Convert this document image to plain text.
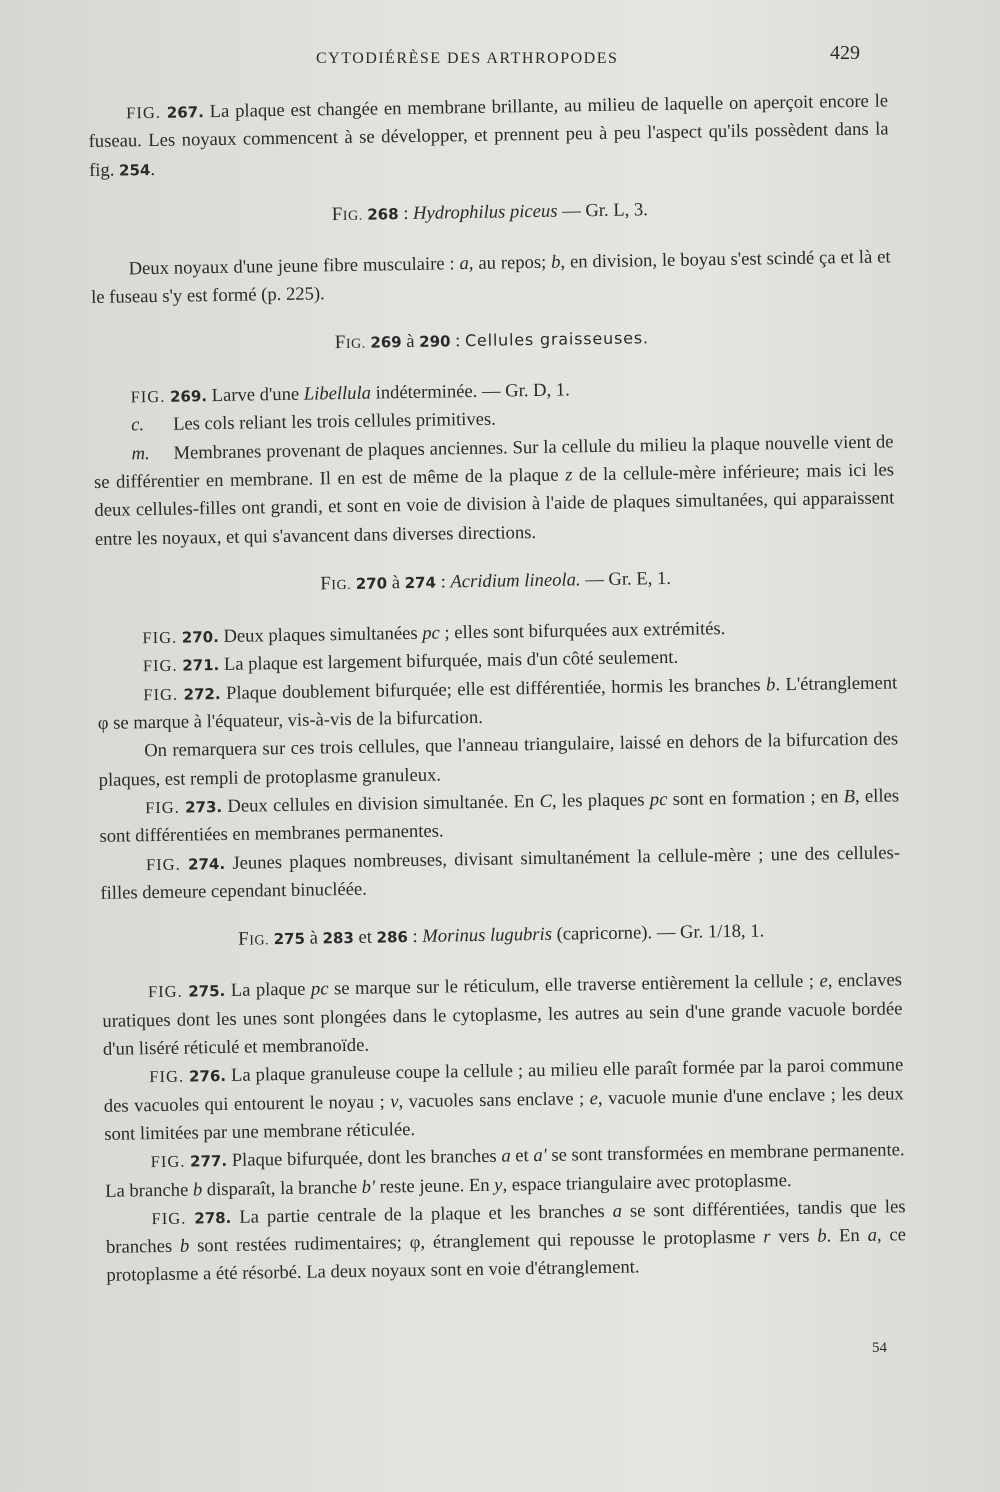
CYTODIÉRÈSE DES ARTHROPODES	429

FIG. 267. La plaque est changée en membrane brillante, au milieu de laquelle on aperçoit encore le fuseau. Les noyaux commencent à se développer, et prennent peu à peu l'aspect qu'ils possèdent dans la fig. 254.

FIG. 268 : Hydrophilus piceus — Gr. L, 3.

Deux noyaux d'une jeune fibre musculaire : a, au repos; b, en division, le boyau s'est scindé ça et là et le fuseau s'y est formé (p. 225).

FIG. 269 à 290 : Cellules graisseuses.

FIG. 269. Larve d'une Libellula indéterminée. — Gr. D, 1.

c. Les cols reliant les trois cellules primitives.

m. Membranes provenant de plaques anciennes. Sur la cellule du milieu la plaque nouvelle vient de se différentier en membrane. Il en est de même de la plaque z de la cellule-mère inférieure; mais ici les deux cellules-filles ont grandi, et sont en voie de division à l'aide de plaques simultanées, qui apparaissent entre les noyaux, et qui s'avancent dans diverses directions.

FIG. 270 à 274 : Acridium lineola. — Gr. E, 1.

FIG. 270. Deux plaques simultanées pc ; elles sont bifurquées aux extrémités.

FIG. 271. La plaque est largement bifurquée, mais d'un côté seulement.

FIG. 272. Plaque doublement bifurquée; elle est différentiée, hormis les branches b. L'étranglement φ se marque à l'équateur, vis-à-vis de la bifurcation.

On remarquera sur ces trois cellules, que l'anneau triangulaire, laissé en dehors de la bifurcation des plaques, est rempli de protoplasme granuleux.

FIG. 273. Deux cellules en division simultanée. En C, les plaques pc sont en formation ; en B, elles sont différentiées en membranes permanentes.

FIG. 274. Jeunes plaques nombreuses, divisant simultanément la cellule-mère ; une des cellules-filles demeure cependant binucléée.

FIG. 275 à 283 et 286 : Morinus lugubris (capricorne). — Gr. 1/18, 1.

FIG. 275. La plaque pc se marque sur le réticulum, elle traverse entièrement la cellule ; e, enclaves uratiques dont les unes sont plongées dans le cytoplasme, les autres au sein d'une grande vacuole bordée d'un liséré réticulé et membranoïde.

FIG. 276. La plaque granuleuse coupe la cellule ; au milieu elle paraît formée par la paroi commune des vacuoles qui entourent le noyau ; v, vacuoles sans enclave ; e, vacuole munie d'une enclave ; les deux sont limitées par une membrane réticulée.

FIG. 277. Plaque bifurquée, dont les branches a et a' se sont transformées en membrane permanente. La branche b disparaît, la branche b' reste jeune. En y, espace triangulaire avec protoplasme.

FIG. 278. La partie centrale de la plaque et les branches a se sont différentiées, tandis que les branches b sont restées rudimentaires; φ, étranglement qui repousse le protoplasme r vers b. En a, ce protoplasme a été résorbé. La deux noyaux sont en voie d'étranglement.

54
